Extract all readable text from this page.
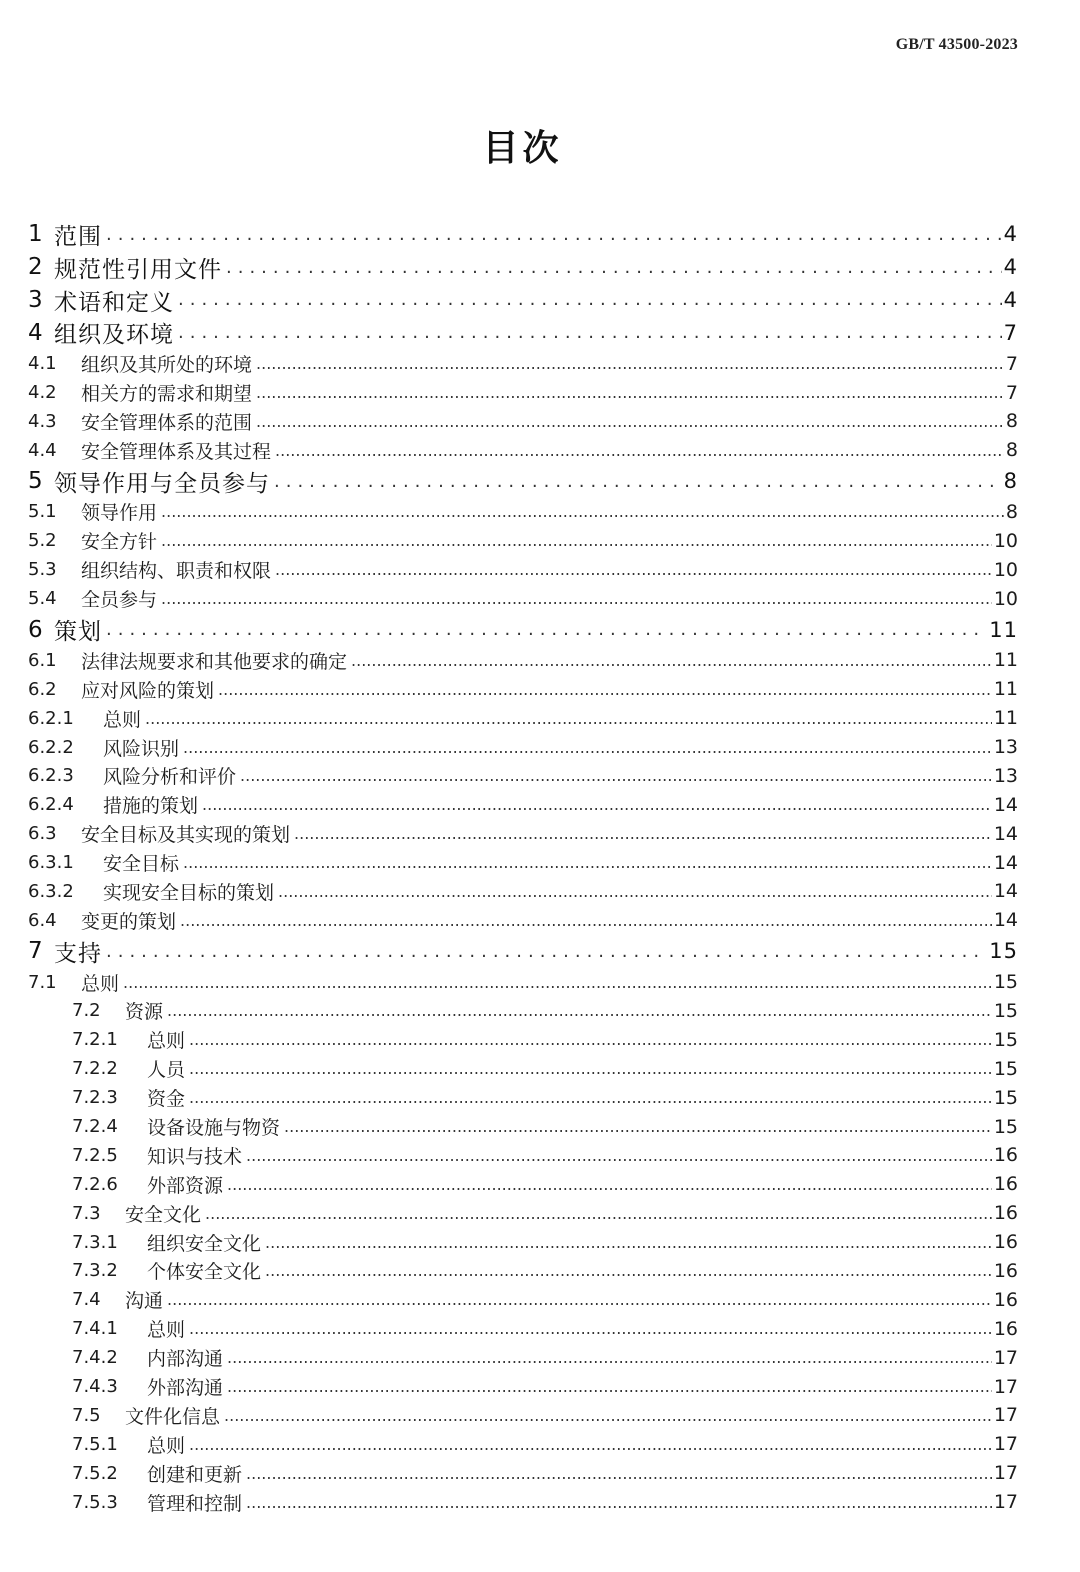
GB/T 43500-2023
目次
1 范围 .....	4
2 规范性引用文件 .....	4
3 术语和定义 .....	4
4 组织及环境 .....	7
4.1	组织及其所处的环境 .....	7
4.2	相关方的需求和期望 .....	7
4.3	安全管理体系的范围 .....	8
4.4	安全管理体系及其过程 .....	8
5 领导作用与全员参与 .....	8
5.1	领导作用 .....	8
5.2	安全方针 .....	10
5.3	组织结构、职责和权限 .....	10
5.4	全员参与 .....	10
6 策划 .....	11
6.1	法律法规要求和其他要求的确定 .....	11
6.2	应对风险的策划 .....	11
6.2.1	总则 .....	11
6.2.2	风险识别 .....	13
6.2.3	风险分析和评价 .....	13
6.2.4	措施的策划 .....	14
6.3	安全目标及其实现的策划 .....	14
6.3.1	安全目标 .....	14
6.3.2	实现安全目标的策划 .....	14
6.4	变更的策划 .....	14
7 支持 .....	15
7.1	总则 .....	15
7.2	资源 .....	15
7.2.1	总则 .....	15
7.2.2	人员 .....	15
7.2.3	资金 .....	15
7.2.4	设备设施与物资 .....	15
7.2.5	知识与技术 .....	16
7.2.6	外部资源 .....	16
7.3	安全文化 .....	16
7.3.1	组织安全文化 .....	16
7.3.2	个体安全文化 .....	16
7.4	沟通 .....	16
7.4.1	总则 .....	16
7.4.2	内部沟通 .....	17
7.4.3	外部沟通 .....	17
7.5	文件化信息 .....	17
7.5.1	总则 .....	17
7.5.2	创建和更新 .....	17
7.5.3	管理和控制 .....	17
